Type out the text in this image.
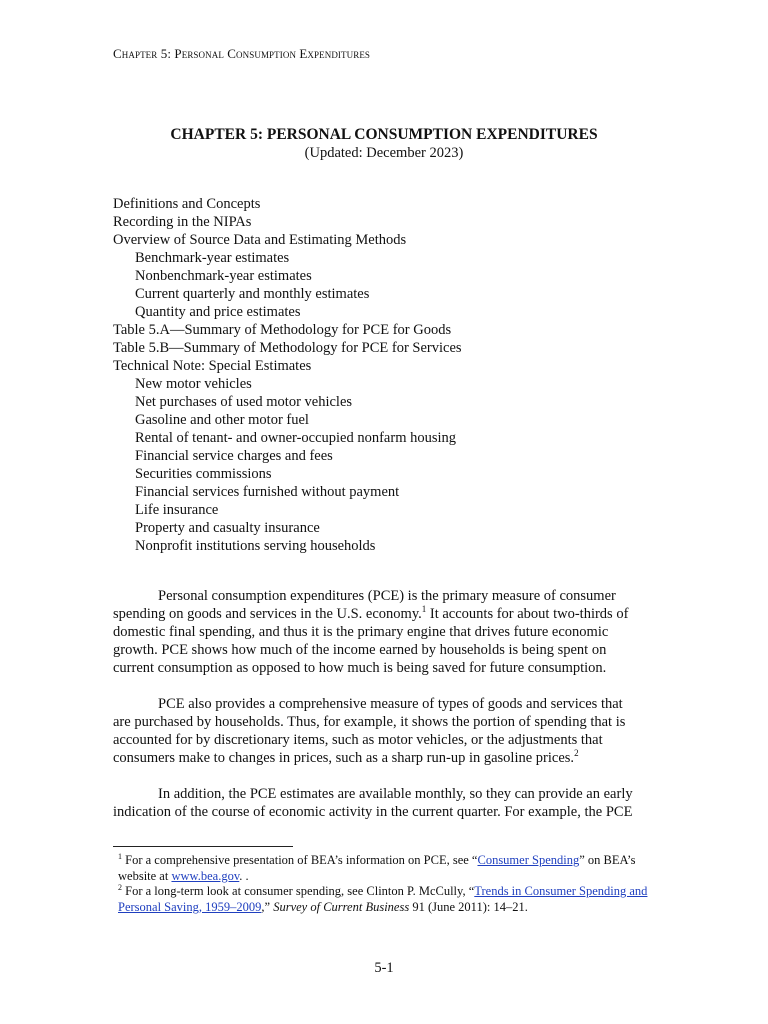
Chapter 5: Personal Consumption Expenditures
CHAPTER 5: PERSONAL CONSUMPTION EXPENDITURES
(Updated: December 2023)
Definitions and Concepts
Recording in the NIPAs
Overview of Source Data and Estimating Methods
Benchmark-year estimates
Nonbenchmark-year estimates
Current quarterly and monthly estimates
Quantity and price estimates
Table 5.A—Summary of Methodology for PCE for Goods
Table 5.B—Summary of Methodology for PCE for Services
Technical Note: Special Estimates
New motor vehicles
Net purchases of used motor vehicles
Gasoline and other motor fuel
Rental of tenant- and owner-occupied nonfarm housing
Financial service charges and fees
Securities commissions
Financial services furnished without payment
Life insurance
Property and casualty insurance
Nonprofit institutions serving households
Personal consumption expenditures (PCE) is the primary measure of consumer
spending on goods and services in the U.S. economy.$^1$ It accounts for about two-thirds of
domestic final spending, and thus it is the primary engine that drives future economic
growth. PCE shows how much of the income earned by households is being spent on
current consumption as opposed to how much is being saved for future consumption.
PCE also provides a comprehensive measure of types of goods and services that
are purchased by households. Thus, for example, it shows the portion of spending that is
accounted for by discretionary items, such as motor vehicles, or the adjustments that
consumers make to changes in prices, such as a sharp run-up in gasoline prices.$^2$
In addition, the PCE estimates are available monthly, so they can provide an early
indication of the course of economic activity in the current quarter. For example, the PCE
$^1$ For a comprehensive presentation of BEA’s information on PCE, see “Consumer Spending” on BEA’s
website at www.bea.gov. .
$^2$ For a long-term look at consumer spending, see Clinton P. McCully, “Trends in Consumer Spending and
Personal Saving, 1959–2009,” Survey of Current Business 91 (June 2011): 14–21.
5-1
